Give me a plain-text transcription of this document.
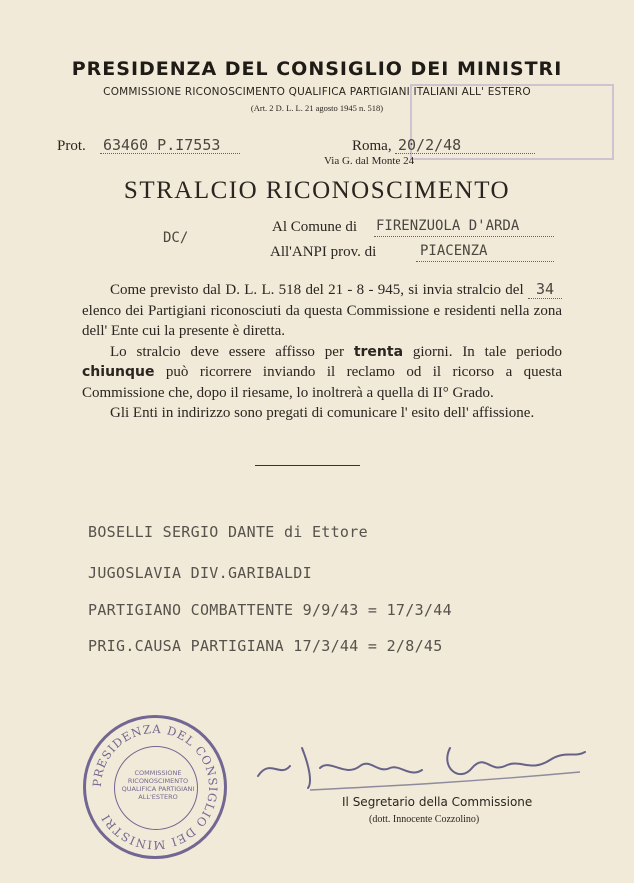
PRESIDENZA DEL CONSIGLIO DEI MINISTRI
COMMISSIONE RICONOSCIMENTO QUALIFICA PARTIGIANI ITALIANI ALL' ESTERO
(Art. 2 D. L. L. 21 agosto 1945 n. 518)
Prot. 63460 P.I7553	Roma, 20/2/48
Via G. dal Monte 24
STRALCIO RICONOSCIMENTO
DC/
Al Comune di FIRENZUOLA D'ARDA
All'ANPI prov. di	PIACENZA

Come previsto dal D. L. L. 518 del 21 - 8 - 945, si invia stralcio del 34 elenco dei Partigiani riconosciuti da questa Commissione e residenti nella zona dell' Ente cui la presente è diretta.

Lo stralcio deve essere affisso per trenta giorni. In tale periodo chiunque può ricorrere inviando il reclamo od il ricorso a questa Commissione che, dopo il riesame, lo inoltrerà a quella di II° Grado.

Gli Enti in indirizzo sono pregati di comunicare l' esito dell' affissione.

BOSELLI SERGIO DANTE di Ettore
JUGOSLAVIA DIV.GARIBALDI
PARTIGIANO COMBATTENTE 9/9/43 = 17/3/44
PRIG.CAUSA PARTIGIANA 17/3/44 = 2/8/45
PRESIDENZA DEL CONSIGLIO DEI MINISTRI
COMMISSIONE RICONOSCIMENTO QUALIFICA PARTIGIANI ALL'ESTERO	Il Segretario della Commissione
(dott. Innocente Cozzolino)
